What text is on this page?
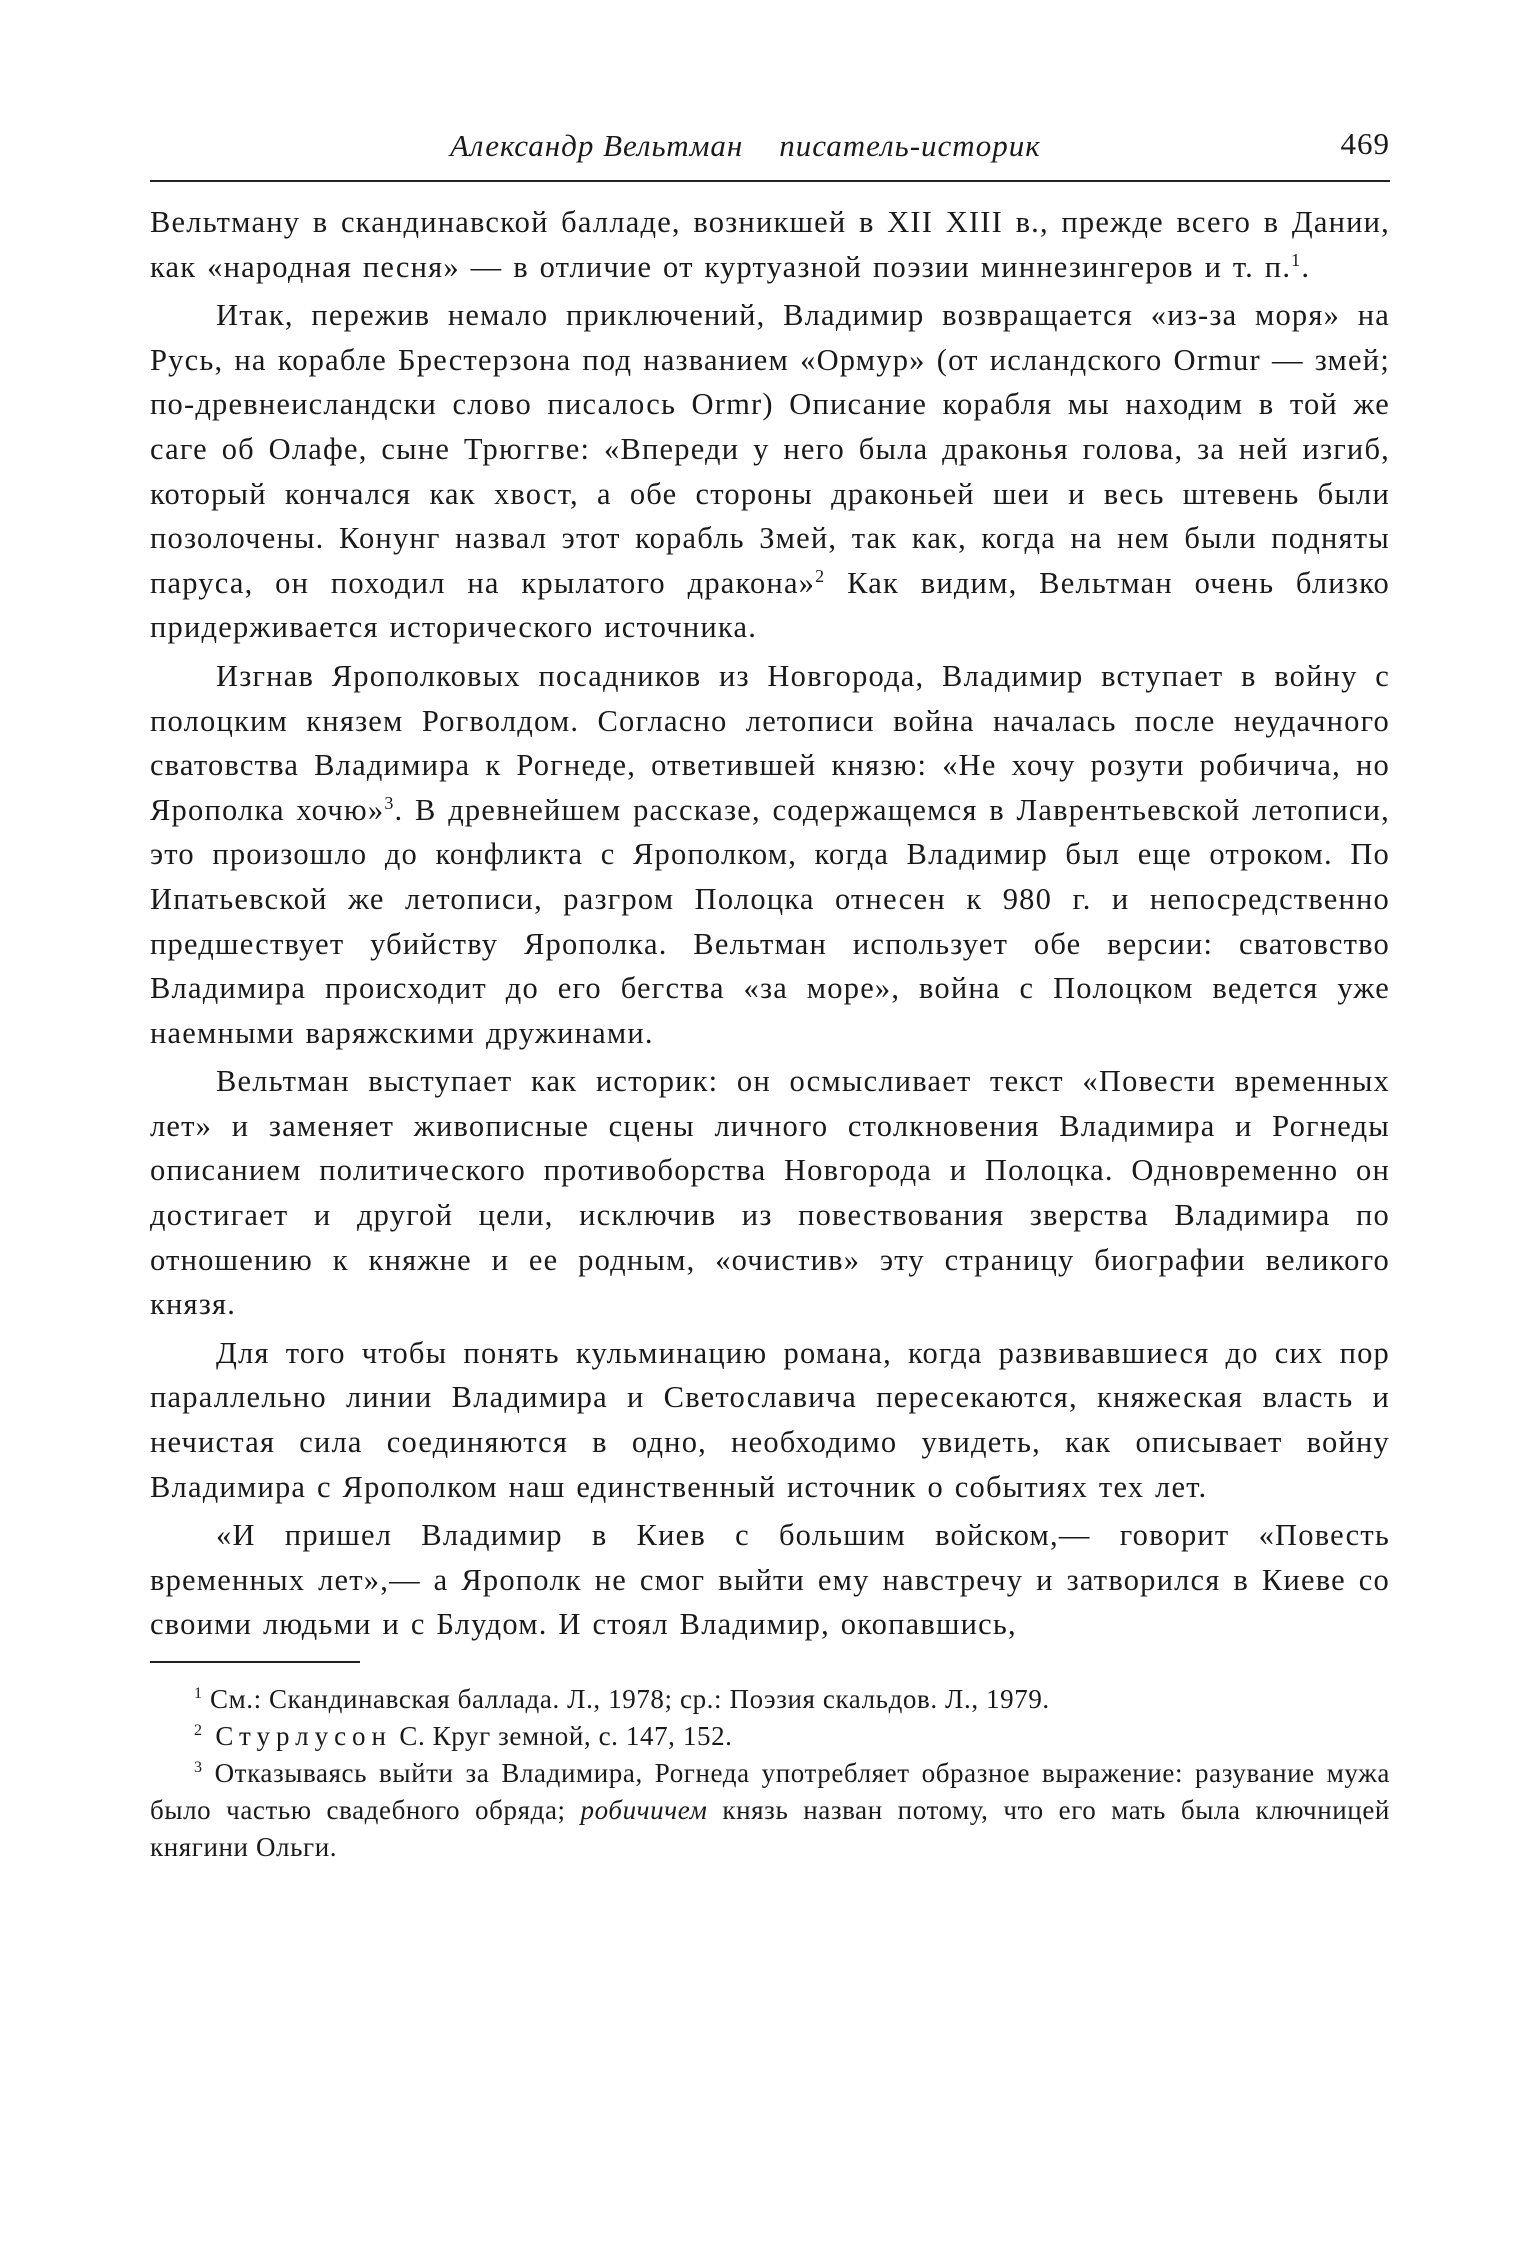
Александр Вельтман писатель-историк	469

Вельтману в скандинавской балладе, возникшей в XII XIII в., прежде всего в Дании, как «народная песня» — в отличие от куртуазной поэзии миннезингеров и т. п.$^1$.

Итак, пережив немало приключений, Владимир возвращается «из-за моря» на Русь, на корабле Брестерзона под названием «Ормур» (от исландского Ormur — змей; по-древнеисландски слово писалось Ormr) Описание корабля мы находим в той же саге об Олафе, сыне Трюггве: «Впереди у него была драконья голова, за ней изгиб, который кончался как хвост, а обе стороны драконьей шеи и весь штевень были позолочены. Конунг назвал этот корабль Змей, так как, когда на нем были подняты паруса, он походил на крылатого дракона»$^2$ Как видим, Вельтман очень близко придерживается исторического источника.

Изгнав Ярополковых посадников из Новгорода, Владимир вступает в войну с полоцким князем Рогволдом. Согласно летописи война началась после неудачного сватовства Владимира к Рогнеде, ответившей князю: «Не хочу розути робичича, но Ярополка хочю»$^3$. В древнейшем рассказе, содержащемся в Лаврентьевской летописи, это произошло до конфликта с Ярополком, когда Владимир был еще отроком. По Ипатьевской же летописи, разгром Полоцка отнесен к 980 г. и непосредственно предшествует убийству Ярополка. Вельтман использует обе версии: сватовство Владимира происходит до его бегства «за море», война с Полоцком ведется уже наемными варяжскими дружинами.

Вельтман выступает как историк: он осмысливает текст «Повести временных лет» и заменяет живописные сцены личного столкновения Владимира и Рогнеды описанием политического противоборства Новгорода и Полоцка. Одновременно он достигает и другой цели, исключив из повествования зверства Владимира по отношению к княжне и ее родным, «очистив» эту страницу биографии великого князя.

Для того чтобы понять кульминацию романа, когда развивавшиеся до сих пор параллельно линии Владимира и Светославича пересекаются, княжеская власть и нечистая сила соединяются в одно, необходимо увидеть, как описывает войну Владимира с Ярополком наш единственный источник о событиях тех лет.

«И пришел Владимир в Киев с большим войском,— говорит «Повесть временных лет»,— а Ярополк не смог выйти ему навстречу и затворился в Киеве со своими людьми и с Блудом. И стоял Владимир, окопавшись,

$^1$ См.: Скандинавская баллада. Л., 1978; ср.: Поэзия скальдов. Л., 1979.

$^2$ Стурлусон С. Круг земной, с. 147, 152.

$^3$ Отказываясь выйти за Владимира, Рогнеда употребляет образное выражение: разувание мужа было частью свадебного обряда; робичичем князь назван потому, что его мать была ключницей княгини Ольги.
